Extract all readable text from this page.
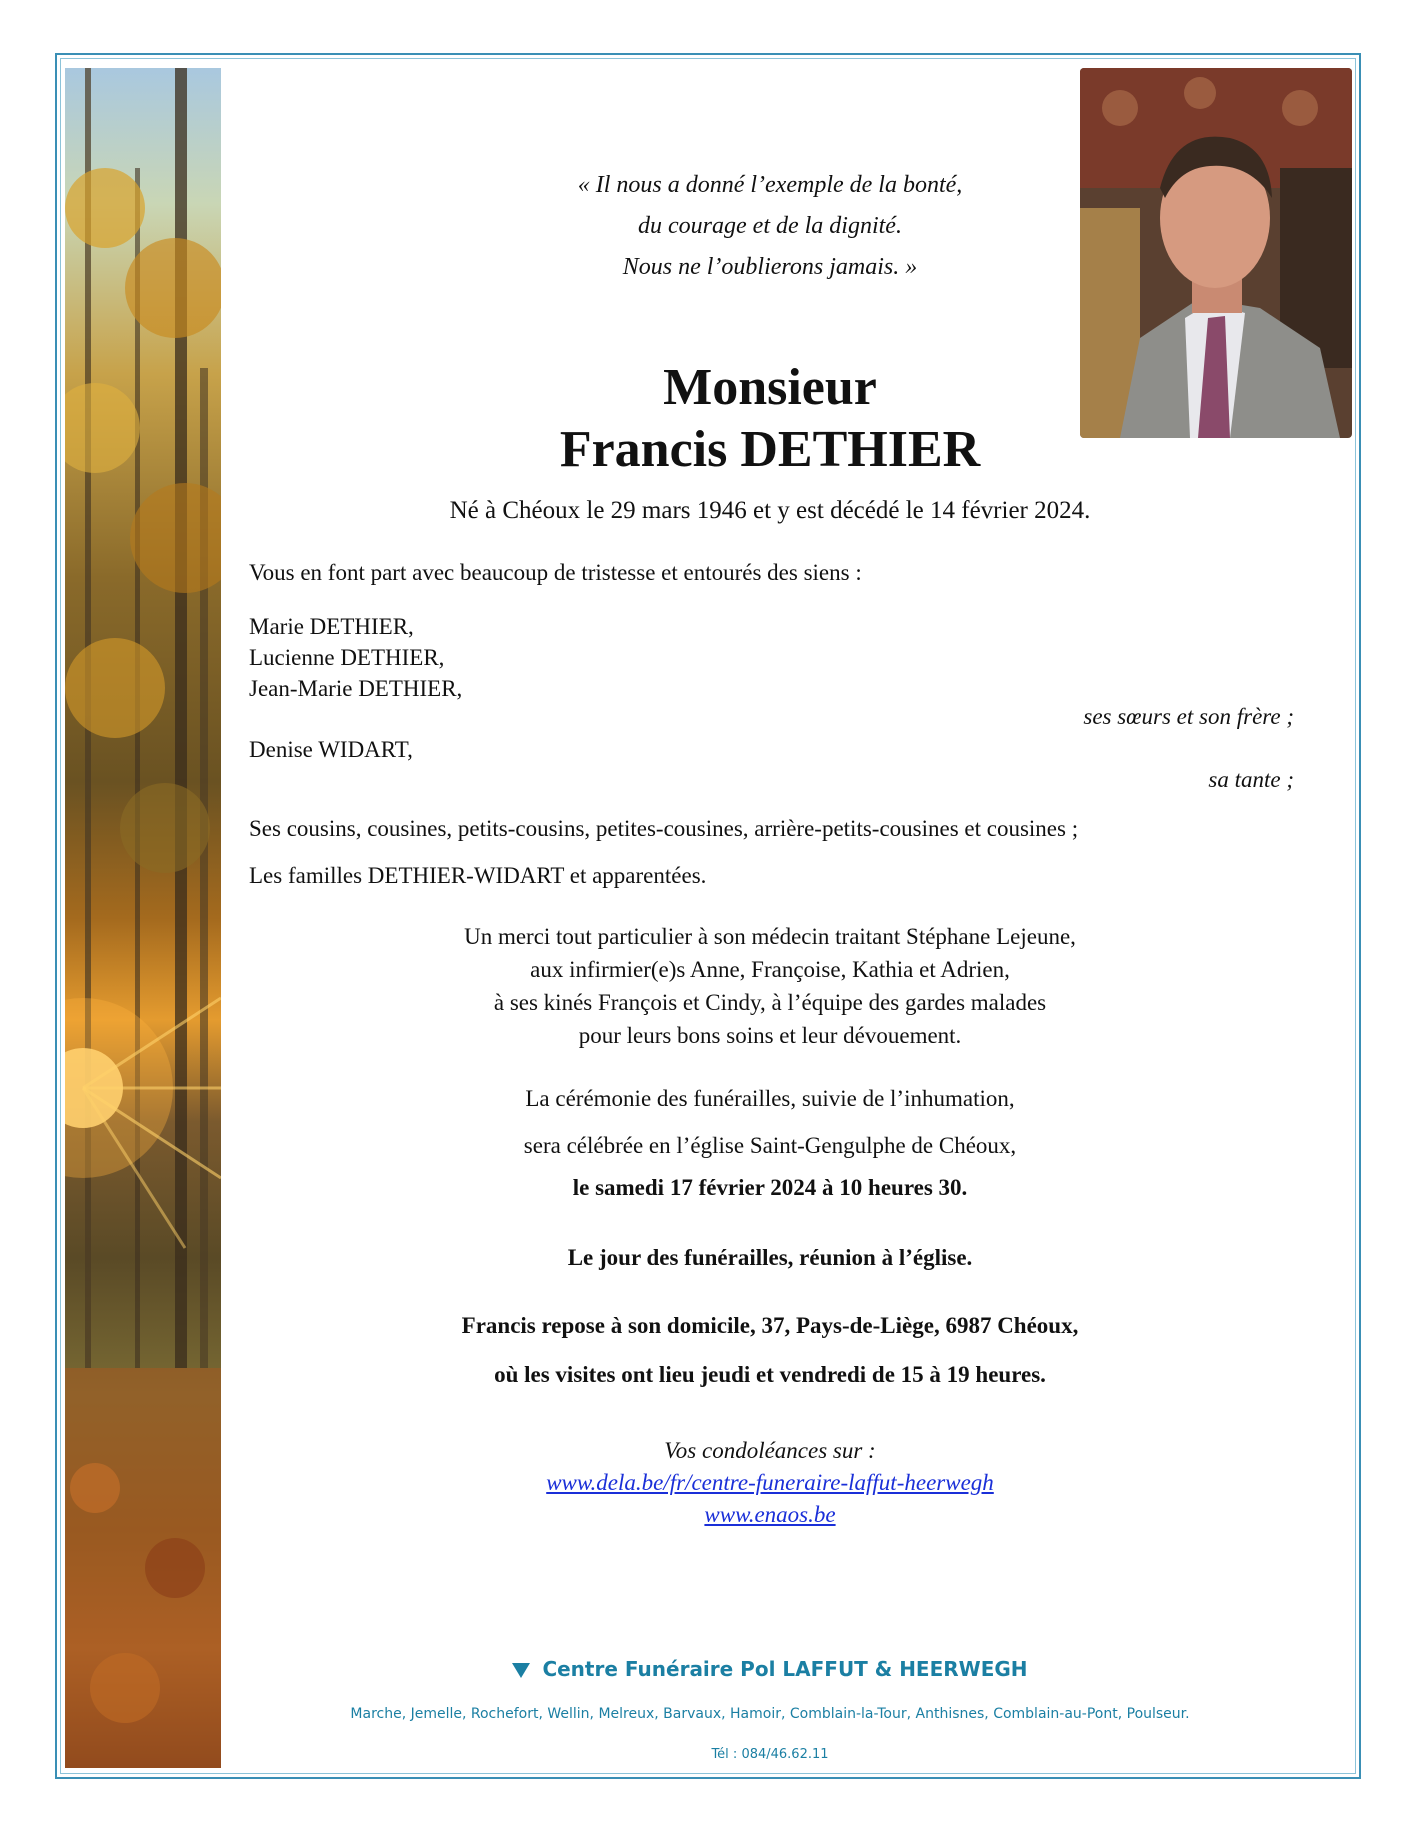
« Il nous a donné l’exemple de la bonté,
du courage et de la dignité.
Nous ne l’oublierons jamais. »
Monsieur
Francis DETHIER
Né à Chéoux le 29 mars 1946 et y est décédé le 14 février 2024.
Vous en font part avec beaucoup de tristesse et entourés des siens :
Marie DETHIER,
Lucienne DETHIER,
Jean-Marie DETHIER,
ses sœurs et son frère ;
Denise WIDART,
sa tante ;
Ses cousins, cousines, petits-cousins, petites-cousines, arrière-petits-cousines et cousines ;
Les familles DETHIER-WIDART et apparentées.
Un merci tout particulier à son médecin traitant Stéphane Lejeune,
aux infirmier(e)s Anne, Françoise, Kathia et Adrien,
à ses kinés François et Cindy, à l’équipe des gardes malades
pour leurs bons soins et leur dévouement.
La cérémonie des funérailles, suivie de l’inhumation,
sera célébrée en l’église Saint-Gengulphe de Chéoux,
le samedi 17 février 2024 à 10 heures 30.
Le jour des funérailles, réunion à l’église.
Francis repose à son domicile, 37, Pays-de-Liège, 6987 Chéoux,
où les visites ont lieu jeudi et vendredi de 15 à 19 heures.
Vos condoléances sur :
www.dela.be/fr/centre-funeraire-laffut-heerwegh
www.enaos.be
Centre Funéraire Pol LAFFUT & HEERWEGH
Marche, Jemelle, Rochefort, Wellin, Melreux, Barvaux, Hamoir, Comblain-la-Tour, Anthisnes, Comblain-au-Pont, Poulseur.
Tél : 084/46.62.11
